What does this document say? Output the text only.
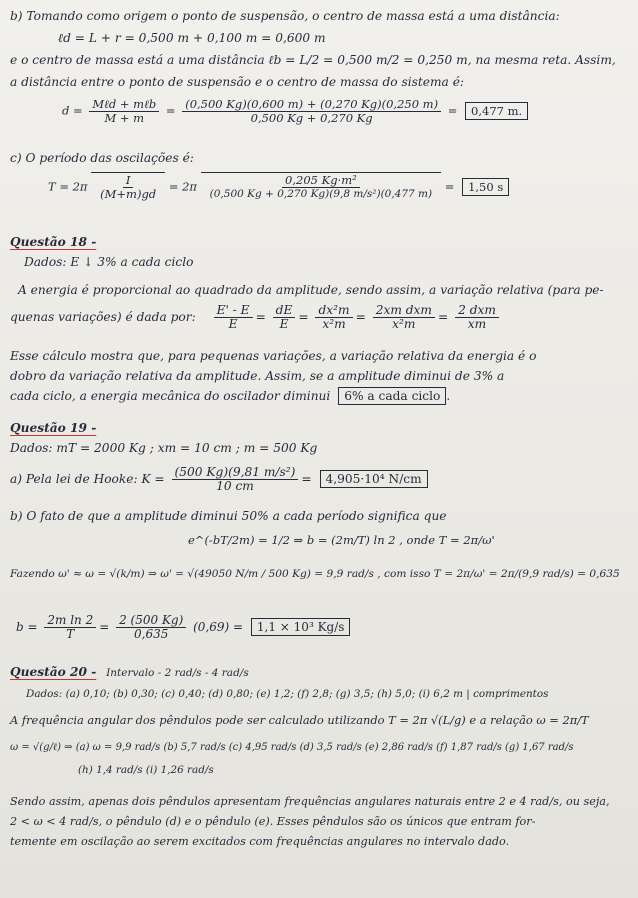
b) Tomando como origem o ponto de suspensão, o centro de massa está a uma distância:
ℓd = L + r = 0,500 m + 0,100 m = 0,600 m
e o centro de massa está a uma distância ℓb = L/2 = 0,500 m/2 = 0,250 m, na mesma reta. Assim,
a distância entre o ponto de suspensão e o centro de massa do sistema é:
$d = \frac{\text{Mℓd + mℓb}}{M + m} = \frac{(0,500 Kg)(0,600 m) + (0,270 Kg)(0,250 m)}{0,500 Kg + 0,270 Kg} = 0,477$ m.
c) O período das oscilações é:
$T = 2\pi \frac{I}{(M+m)gd} = 2\pi \frac{\text{0,205 Kg·m²}}{\text{(0,500 Kg + 0,270 Kg)(9,8 m/s²)(0,477 m)}} = 1,50$ s
Questão 18 -
Dados: E ↓ 3% a cada ciclo
A energia é proporcional ao quadrado da amplitude, sendo assim, a variação relativa (para pe-
quenas variações) é dada por: $\frac{E' - E}{E} = \frac{dE}{E} = \frac{\text{dx²m}}{\text{x²m}} = \frac{\text{2xm dxm}}{\text{x²m}} = \frac{\text{2 dxm}}{xm}$
Esse cálculo mostra que, para pequenas variações, a variação relativa da energia é o
dobro da variação relativa da amplitude. Assim, se a amplitude diminui de 3% a
cada ciclo, a energia mecânica do oscilador diminui 6% a cada ciclo .
Questão 19 -
Dados: mT = 2000 Kg ; xm = 10 cm ; m = 500 Kg
a) Pela lei de Hooke: $K = \frac{\text{(500 Kg)(9,81 m/s²)}}{10 cm} = 4,905\cdot 10^4$ N/cm
b) O fato de que a amplitude diminui 50% a cada período significa que
e^(-bT/2m) = 1/2 ⇒ b = (2m/T) ln 2 , onde T = 2π/ω'
Fazendo ω' ≈ ω = √(k/m) ⇒ ω' = √(49050 N/m / 500 Kg) = 9,9 rad/s , com isso T = 2π/ω' = 2π/(9,9 rad/s) = 0,635
$b = \frac{\text{2m ln 2}}{T} = \frac{2 (500 Kg)}{0,635} (0,69) = 1,1 \times 10^3$ Kg/s
Questão 20 - Intervalo - 2 rad/s - 4 rad/s
Dados: (a) 0,10; (b) 0,30; (c) 0,40; (d) 0,80; (e) 1,2; (f) 2,8; (g) 3,5; (h) 5,0; (i) 6,2 m | comprimentos
A frequência angular dos pêndulos pode ser calculado utilizando T = 2π √(L/g) e a relação ω = 2π/T
ω = √(g/ℓ) ⇒ (a) ω = 9,9 rad/s (b) 5,7 rad/s (c) 4,95 rad/s (d) 3,5 rad/s (e) 2,86 rad/s (f) 1,87 rad/s (g) 1,67 rad/s
(h) 1,4 rad/s (i) 1,26 rad/s
Sendo assim, apenas dois pêndulos apresentam frequências angulares naturais entre 2 e 4 rad/s, ou seja,
2 < ω < 4 rad/s, o pêndulo (d) e o pêndulo (e). Esses pêndulos são os únicos que entram for-
temente em oscilação ao serem excitados com frequências angulares no intervalo dado.
